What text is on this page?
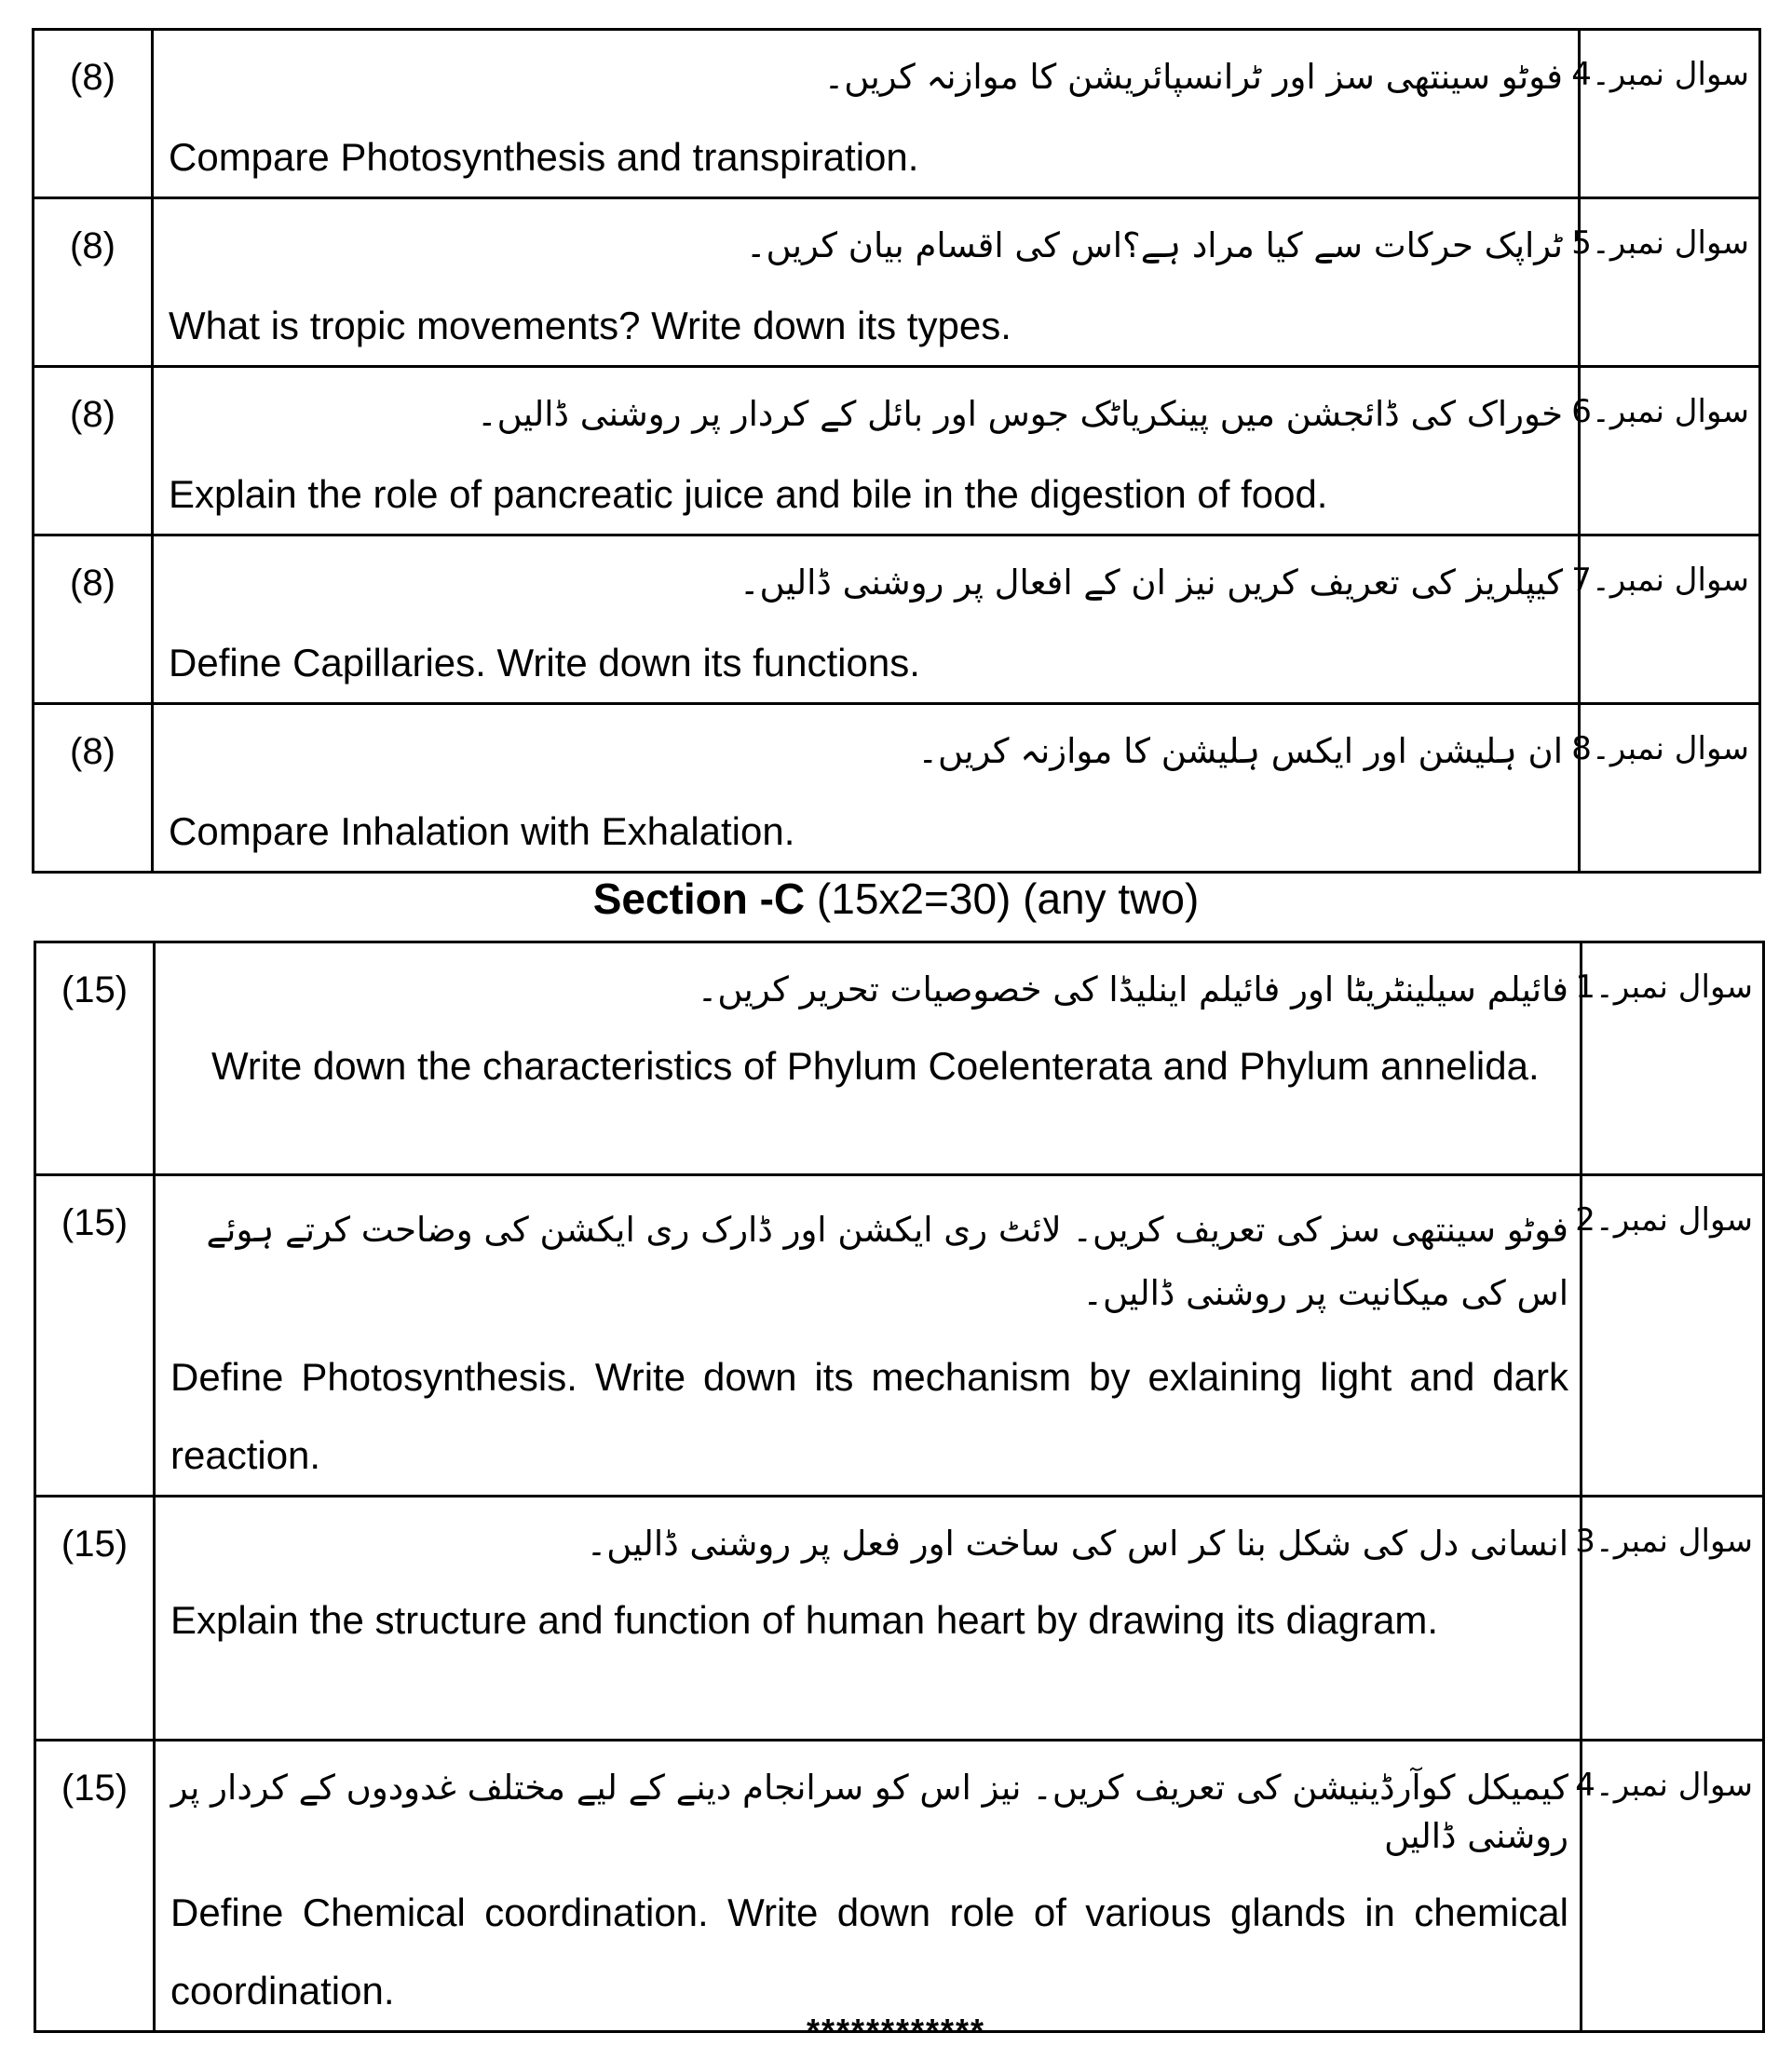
(8)	فوٹو سینتھی سز اور ٹرانسپائریشن کا موازنہ کریں۔
Compare Photosynthesis and transpiration.	سوال نمبر۔4
(8)	ٹراپک حرکات سے کیا مراد ہے؟اس کی اقسام بیان کریں۔
What is tropic movements? Write down its types.	سوال نمبر۔5
(8)	خوراک کی ڈائجشن میں پینکریاٹک جوس اور بائل کے کردار پر روشنی ڈالیں۔
Explain the role of pancreatic juice and bile in the digestion of food.	سوال نمبر۔6
(8)	کیپلریز کی تعریف کریں نیز ان کے افعال پر روشنی ڈالیں۔
Define Capillaries. Write down its functions.	سوال نمبر۔7
(8)	ان ہلیشن اور ایکس ہلیشن کا موازنہ کریں۔
Compare Inhalation with Exhalation.	سوال نمبر۔8
Section -C (15x2=30) (any two)
(15)	فائیلم سیلینٹریٹا اور فائیلم اینلیڈا کی خصوصیات تحریر کریں۔
Write down the characteristics of Phylum Coelenterata and Phylum annelida.	سوال نمبر۔1
(15)	فوٹو سینتھی سز کی تعریف کریں۔ لائٹ ری ایکشن اور ڈارک ری ایکشن کی وضاحت کرتے ہوئے اس کی میکانیت پر روشنی ڈالیں۔
Define Photosynthesis. Write down its mechanism by exlaining light and dark reaction.	سوال نمبر۔2
(15)	انسانی دل کی شکل بنا کر اس کی ساخت اور فعل پر روشنی ڈالیں۔
Explain the structure and function of human heart by drawing its diagram.	سوال نمبر۔3
(15)	کیمیکل کوآرڈینیشن کی تعریف کریں۔ نیز اس کو سرانجام دینے کے لیے مختلف غدودوں کے کردار پر روشنی ڈالیں
Define Chemical coordination. Write down role of various glands in chemical coordination.	سوال نمبر۔4
************
